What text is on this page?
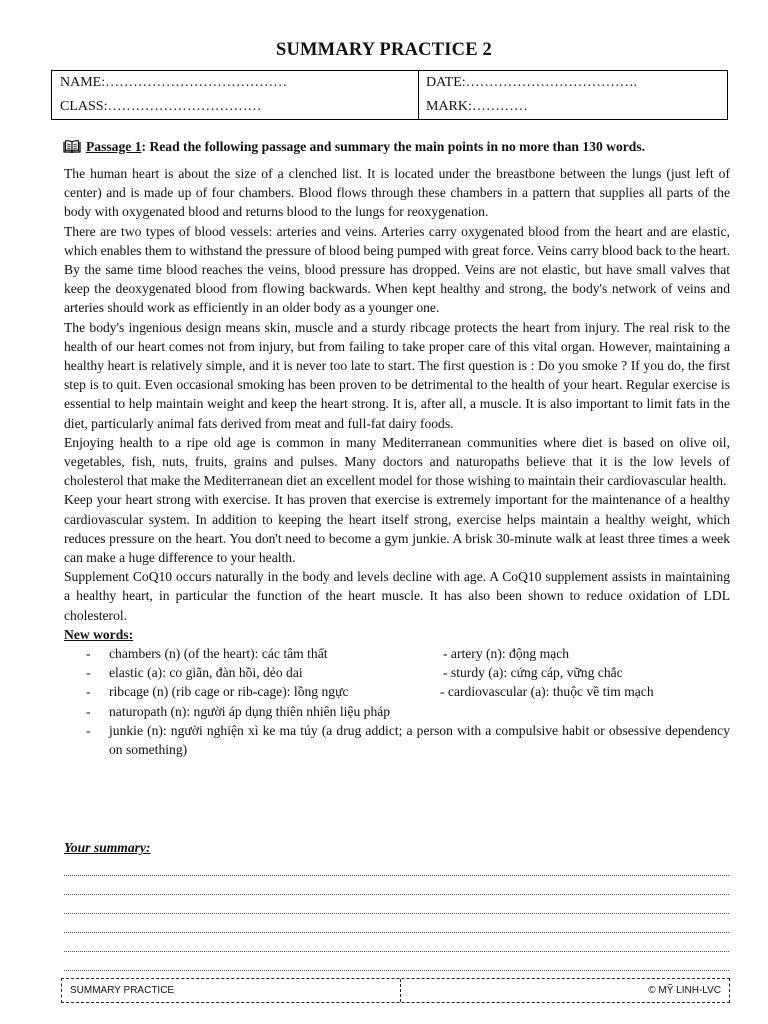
SUMMARY PRACTICE 2
NAME:…………………………………	DATE:……………………………….
CLASS:……………………………	MARK:…………
Passage 1: Read the following passage and summary the main points in no more than 130 words.

The human heart is about the size of a clenched list. It is located under the breastbone between the lungs (just left of center) and is made up of four chambers. Blood flows through these chambers in a pattern that supplies all parts of the body with oxygenated blood and returns blood to the lungs for reoxygenation.

There are two types of blood vessels: arteries and veins. Arteries carry oxygenated blood from the heart and are elastic, which enables them to withstand the pressure of blood being pumped with great force. Veins carry blood back to the heart. By the same time blood reaches the veins, blood pressure has dropped. Veins are not elastic, but have small valves that keep the deoxygenated blood from flowing backwards. When kept healthy and strong, the body's network of veins and arteries should work as efficiently in an older body as a younger one.

The body's ingenious design means skin, muscle and a sturdy ribcage protects the heart from injury. The real risk to the health of our heart comes not from injury, but from failing to take proper care of this vital organ. However, maintaining a healthy heart is relatively simple, and it is never too late to start. The first question is : Do you smoke ? If you do, the first step is to quit. Even occasional smoking has been proven to be detrimental to the health of your heart. Regular exercise is essential to help maintain weight and keep the heart strong. It is, after all, a muscle. It is also important to limit fats in the diet, particularly animal fats derived from meat and full-fat dairy foods.

Enjoying health to a ripe old age is common in many Mediterranean communities where diet is based on olive oil, vegetables, fish, nuts, fruits, grains and pulses. Many doctors and naturopaths believe that it is the low levels of cholesterol that make the Mediterranean diet an excellent model for those wishing to maintain their cardiovascular health.

Keep your heart strong with exercise. It has proven that exercise is extremely important for the maintenance of a healthy cardiovascular system. In addition to keeping the heart itself strong, exercise helps maintain a healthy weight, which reduces pressure on the heart. You don't need to become a gym junkie. A brisk 30-minute walk at least three times a week can make a huge difference to your health.

Supplement CoQ10 occurs naturally in the body and levels decline with age. A CoQ10 supplement assists in maintaining a healthy heart, in particular the function of the heart muscle. It has also been shown to reduce oxidation of LDL cholesterol.

New words:
- chambers (n) (of the heart): các tâm thất	- artery (n): động mạch
- elastic (a): co giãn, đàn hồi, dẻo dai	- sturdy (a): cứng cáp, vững chắc
- ribcage (n) (rib cage or rib-cage): lồng ngực	- cardiovascular (a): thuộc về tim mạch
- naturopath (n): người áp dụng thiên nhiên liệu pháp
- junkie (n): người nghiện xì ke ma túy (a drug addict; a person with a compulsive habit or obsessive dependency on something)
Your summary:
SUMMARY PRACTICE	© MỸ LINH-LVC
